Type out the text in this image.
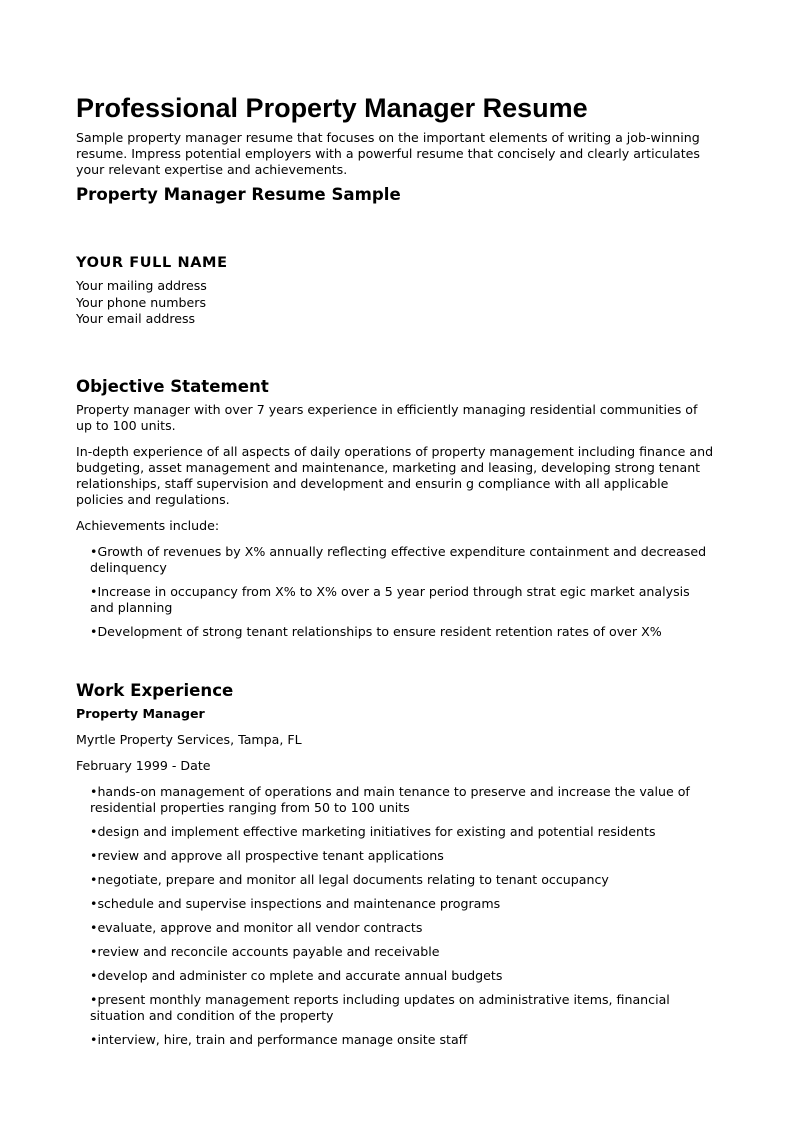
Professional Property Manager Resume

Sample property manager resume that focuses on the important elements of writing a job-winning resume. Impress potential employers with a powerful resume that concisely and clearly articulates your relevant expertise and achievements.

Property Manager Resume Sample
YOUR FULL NAME
Your mailing address
Your phone numbers
Your email address
Objective Statement

Property manager with over 7 years experience in efficiently managing residential communities of up to 100 units.

In-depth experience of all aspects of daily operations of property management including finance and budgeting, asset management and maintenance, marketing and leasing, developing strong tenant relationships, staff supervision and development and ensurin g compliance with all applicable policies and regulations.

Achievements include:

•Growth of revenues by X% annually reflecting effective expenditure containment and decreased delinquency
•Increase in occupancy from X% to X% over a 5 year period through strat egic market analysis and planning
•Development of strong tenant relationships to ensure resident retention rates of over X%
Work Experience
Property Manager

Myrtle Property Services, Tampa, FL

February 1999 - Date

•hands-on management of operations and main tenance to preserve and increase the value of residential properties ranging from 50 to 100 units
•design and implement effective marketing initiatives for existing and potential residents
•review and approve all prospective tenant applications
•negotiate, prepare and monitor all legal documents relating to tenant occupancy
•schedule and supervise inspections and maintenance programs
•evaluate, approve and monitor all vendor contracts
•review and reconcile accounts payable and receivable
•develop and administer co mplete and accurate annual budgets
•present monthly management reports including updates on administrative items, financial situation and condition of the property
•interview, hire, train and performance manage onsite staff
